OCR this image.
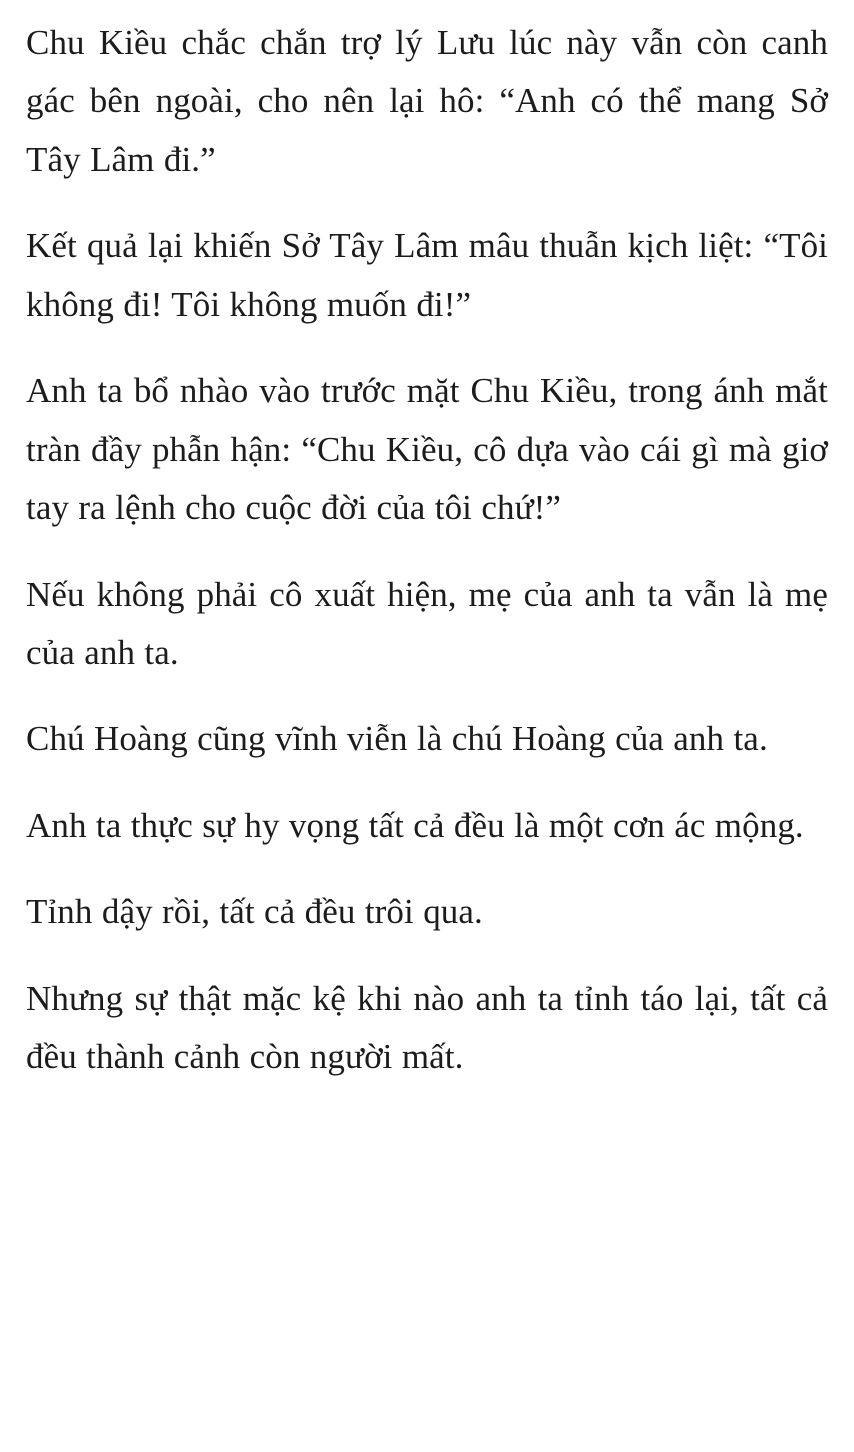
Chu Kiều chắc chắn trợ lý Lưu lúc này vẫn còn canh gác bên ngoài, cho nên lại hô: “Anh có thể mang Sở Tây Lâm đi.”

Kết quả lại khiến Sở Tây Lâm mâu thuẫn kịch liệt: “Tôi không đi! Tôi không muốn đi!”

Anh ta bổ nhào vào trước mặt Chu Kiều, trong ánh mắt tràn đầy phẫn hận: “Chu Kiều, cô dựa vào cái gì mà giơ tay ra lệnh cho cuộc đời của tôi chứ!”

Nếu không phải cô xuất hiện, mẹ của anh ta vẫn là mẹ của anh ta.

Chú Hoàng cũng vĩnh viễn là chú Hoàng của anh ta.

Anh ta thực sự hy vọng tất cả đều là một cơn ác mộng.

Tỉnh dậy rồi, tất cả đều trôi qua.

Nhưng sự thật mặc kệ khi nào anh ta tỉnh táo lại, tất cả đều thành cảnh còn người mất.
